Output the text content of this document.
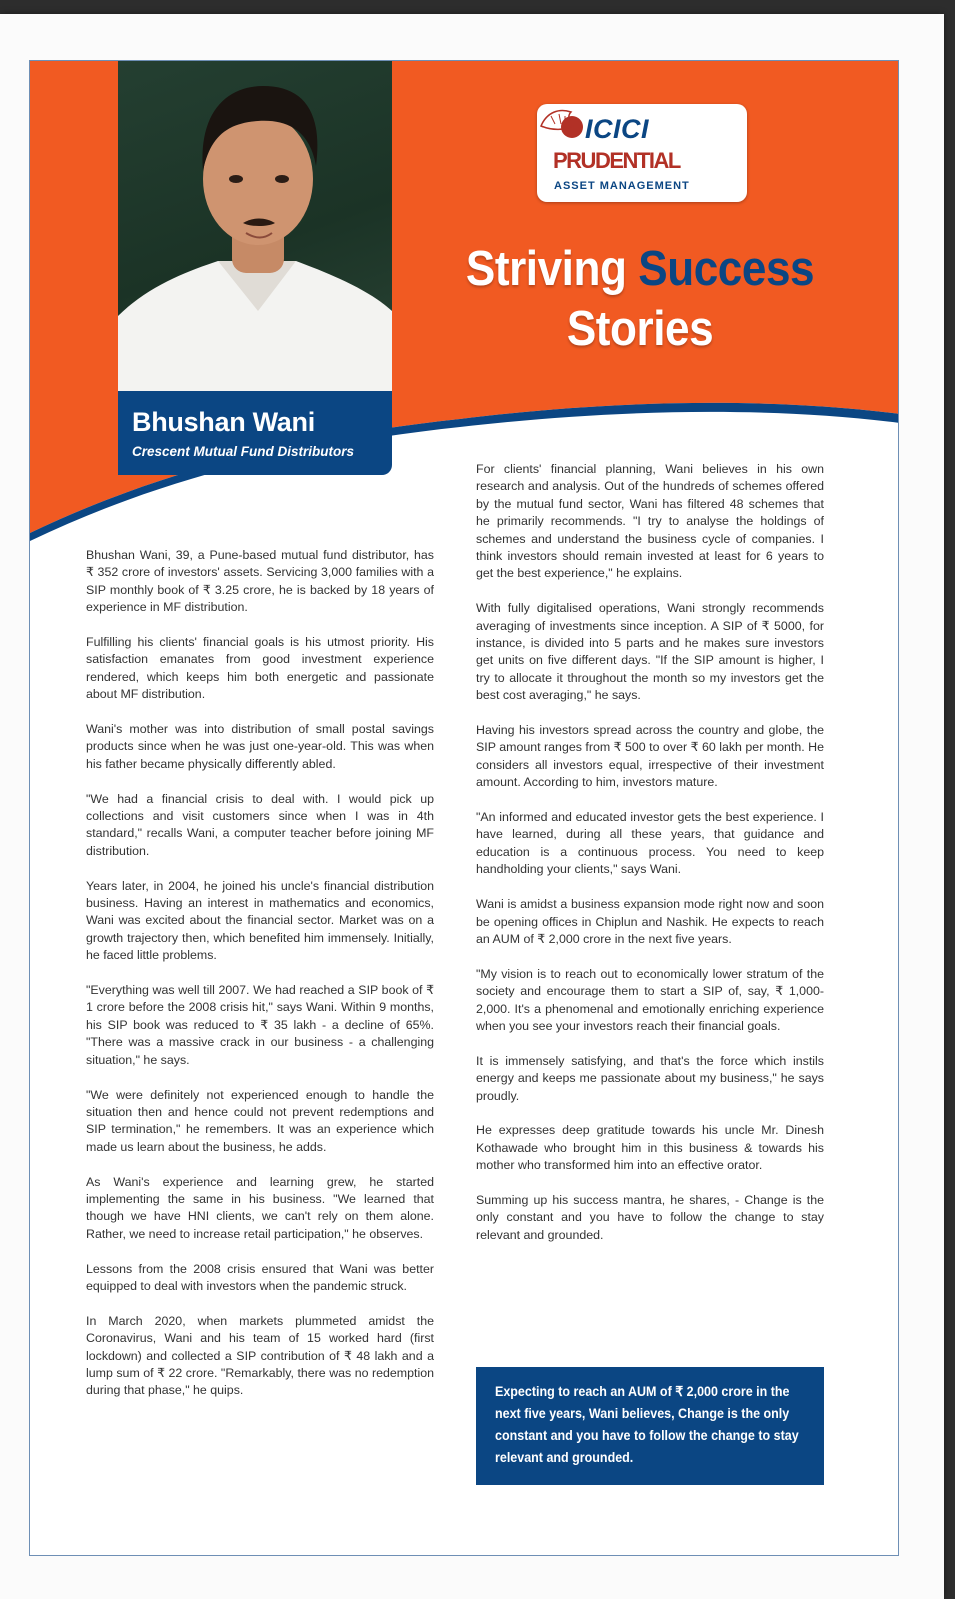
Bhushan Wani
Crescent Mutual Fund Distributors
ICICI
PRUDENTIAL
ASSET MANAGEMENT
Striving Success
Stories

Bhushan Wani, 39, a Pune-based mutual fund distributor, has ₹ 352 crore of investors' assets. Servicing 3,000 families with a SIP monthly book of ₹ 3.25 crore, he is backed by 18 years of experience in MF distribution.

Fulfilling his clients' financial goals is his utmost priority. His satisfaction emanates from good investment experience rendered, which keeps him both energetic and passionate about MF distribution.

Wani's mother was into distribution of small postal savings products since when he was just one-year-old. This was when his father became physically differently abled.

"We had a financial crisis to deal with. I would pick up collections and visit customers since when I was in 4th standard," recalls Wani, a computer teacher before joining MF distribution.

Years later, in 2004, he joined his uncle's financial distribution business. Having an interest in mathematics and economics, Wani was excited about the financial sector. Market was on a growth trajectory then, which benefited him immensely. Initially, he faced little problems.

"Everything was well till 2007. We had reached a SIP book of ₹ 1 crore before the 2008 crisis hit," says Wani. Within 9 months, his SIP book was reduced to ₹ 35 lakh - a decline of 65%. "There was a massive crack in our business - a challenging situation," he says.

"We were definitely not experienced enough to handle the situation then and hence could not prevent redemptions and SIP termination," he remembers. It was an experience which made us learn about the business, he adds.

As Wani's experience and learning grew, he started implementing the same in his business. "We learned that though we have HNI clients, we can't rely on them alone. Rather, we need to increase retail participation," he observes.

Lessons from the 2008 crisis ensured that Wani was better equipped to deal with investors when the pandemic struck.

In March 2020, when markets plummeted amidst the Coronavirus, Wani and his team of 15 worked hard (first lockdown) and collected a SIP contribution of ₹ 48 lakh and a lump sum of ₹ 22 crore. "Remarkably, there was no redemption during that phase," he quips.

For clients' financial planning, Wani believes in his own research and analysis. Out of the hundreds of schemes offered by the mutual fund sector, Wani has filtered 48 schemes that he primarily recommends. "I try to analyse the holdings of schemes and understand the business cycle of companies. I think investors should remain invested at least for 6 years to get the best experience," he explains.

With fully digitalised operations, Wani strongly recommends averaging of investments since inception. A SIP of ₹ 5000, for instance, is divided into 5 parts and he makes sure investors get units on five different days. "If the SIP amount is higher, I try to allocate it throughout the month so my investors get the best cost averaging," he says.

Having his investors spread across the country and globe, the SIP amount ranges from ₹ 500 to over ₹ 60 lakh per month. He considers all investors equal, irrespective of their investment amount. According to him, investors mature.

"An informed and educated investor gets the best experience. I have learned, during all these years, that guidance and education is a continuous process. You need to keep handholding your clients," says Wani.

Wani is amidst a business expansion mode right now and soon be opening offices in Chiplun and Nashik. He expects to reach an AUM of ₹ 2,000 crore in the next five years.

"My vision is to reach out to economically lower stratum of the society and encourage them to start a SIP of, say, ₹ 1,000-2,000. It's a phenomenal and emotionally enriching experience when you see your investors reach their financial goals.

It is immensely satisfying, and that's the force which instils energy and keeps me passionate about my business," he says proudly.

He expresses deep gratitude towards his uncle Mr. Dinesh Kothawade who brought him in this business & towards his mother who transformed him into an effective orator.

Summing up his success mantra, he shares, - Change is the only constant and you have to follow the change to stay relevant and grounded.

Expecting to reach an AUM of ₹ 2,000 crore in the next five years, Wani believes, Change is the only constant and you have to follow the change to stay relevant and grounded.
